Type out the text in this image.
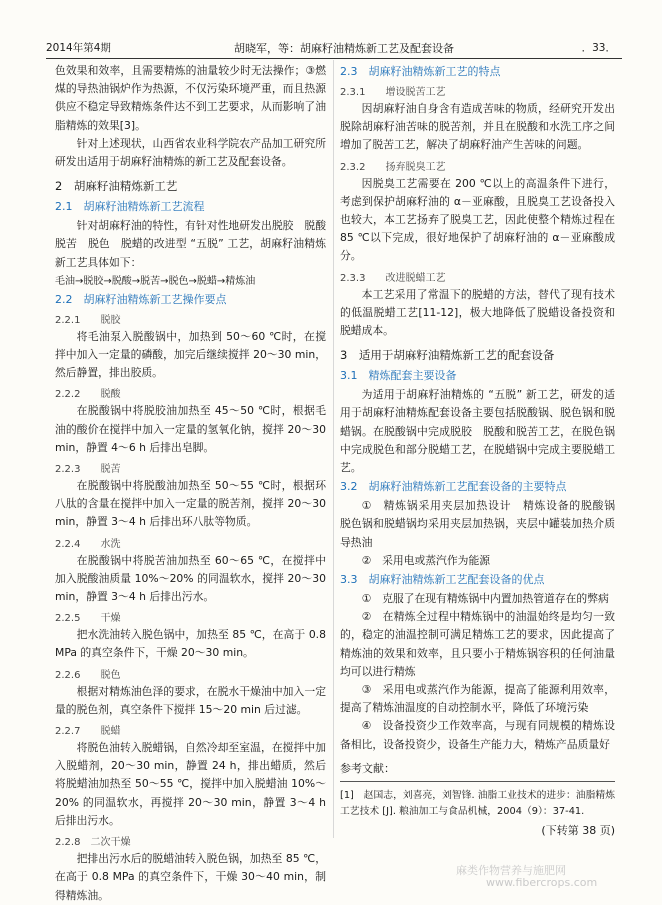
2014年第4期	胡晓军，等：胡麻籽油精炼新工艺及配套设备	．33．
色效果和效率，且需要精炼的油量较少时无法操作；③燃煤的导热油锅炉作为热源，不仅污染环境严重，而且热源供应不稳定导致精炼条件达不到工艺要求，从而影响了油脂精炼的效果[3]。
针对上述现状，山西省农业科学院农产品加工研究所研发出适用于胡麻籽油精炼的新工艺及配套设备。
2　胡麻籽油精炼新工艺
2.1　胡麻籽油精炼新工艺流程
针对胡麻籽油的特性，有针对性地研发出脱胶　脱酸　脱苦　脱色　脱蜡的改进型 “五脱” 工艺，胡麻籽油精炼新工艺具体如下：
毛油→脱胶→脱酸→脱苦→脱色→脱蜡→精炼油
2.2　胡麻籽油精炼新工艺操作要点
2.2.1　　脱胶
将毛油泵入脱酸锅中，加热到 50～60 ℃时，在搅拌中加入一定量的磷酸，加完后继续搅拌 20～30 min，然后静置，排出胶质。
2.2.2　　脱酸
在脱酸锅中将脱胶油加热至 45～50 ℃时，根据毛油的酸价在搅拌中加入一定量的氢氧化钠，搅拌 20～30 min，静置 4～6 h 后排出皂脚。
2.2.3　　脱苦
在脱酸锅中将脱酸油加热至 50～55 ℃时，根据环八肽的含量在搅拌中加入一定量的脱苦剂，搅拌 20～30 min，静置 3～4 h 后排出环八肽等物质。
2.2.4　　水洗
在脱酸锅中将脱苦油加热至 60～65 ℃，在搅拌中加入脱酸油质量 10%～20% 的同温软水，搅拌 20～30 min，静置 3～4 h 后排出污水。
2.2.5　　干燥
把水洗油转入脱色锅中，加热至 85 ℃，在高于 0.8 MPa 的真空条件下，干燥 20～30 min。
2.2.6　　脱色
根据对精炼油色泽的要求，在脱水干燥油中加入一定量的脱色剂，真空条件下搅拌 15～20 min 后过滤。
2.2.7　　脱蜡
将脱色油转入脱蜡锅，自然冷却至室温，在搅拌中加入脱蜡剂，20～30 min，静置 24 h，排出蜡质，然后将脱蜡油加热至 50～55 ℃，搅拌中加入脱蜡油 10%～20% 的同温软水，再搅拌 20～30 min，静置 3～4 h 后排出污水。
2.2.8　二次干燥
把排出污水后的脱蜡油转入脱色锅，加热至 85 ℃，在高于 0.8 MPa 的真空条件下，干燥 30～40 min，制得精炼油。
2.3　胡麻籽油精炼新工艺的特点
2.3.1　　增设脱苦工艺
因胡麻籽油自身含有造成苦味的物质，经研究开发出脱除胡麻籽油苦味的脱苦剂，并且在脱酸和水洗工序之间增加了脱苦工艺，解决了胡麻籽油产生苦味的问题。
2.3.2　　扬弃脱臭工艺
因脱臭工艺需要在 200 ℃以上的高温条件下进行，考虑到保护胡麻籽油的 α－亚麻酸，且脱臭工艺设备投入也较大，本工艺扬弃了脱臭工艺，因此使整个精炼过程在 85 ℃以下完成，很好地保护了胡麻籽油的 α－亚麻酸成分。
2.3.3　　改进脱蜡工艺
本工艺采用了常温下的脱蜡的方法，替代了现有技术的低温脱蜡工艺[11-12]，极大地降低了脱蜡设备投资和脱蜡成本。
3　适用于胡麻籽油精炼新工艺的配套设备
3.1　精炼配套主要设备
为适用于胡麻籽油精炼的 “五脱” 新工艺，研发的适用于胡麻籽油精炼配套设备主要包括脱酸锅、脱色锅和脱蜡锅。在脱酸锅中完成脱胶　脱酸和脱苦工艺，在脱色锅中完成脱色和部分脱蜡工艺，在脱蜡锅中完成主要脱蜡工艺。
3.2　胡麻籽油精炼新工艺配套设备的主要特点
①　精炼锅采用夹层加热设计　精炼设备的脱酸锅　脱色锅和脱蜡锅均采用夹层加热锅，夹层中罐装加热介质导热油
②　采用电或蒸汽作为能源
3.3　胡麻籽油精炼新工艺配套设备的优点
①　克服了在现有精炼锅中内置加热管道存在的弊病
②　在精炼全过程中精炼锅中的油温始终是均匀一致的，稳定的油温控制可满足精炼工艺的要求，因此提高了精炼油的效果和效率，且只要小于精炼锅容积的任何油量均可以进行精炼
③　采用电或蒸汽作为能源，提高了能源利用效率，提高了精炼油温度的自动控制水平，降低了环境污染
④　设备投资少工作效率高，与现有同规模的精炼设备相比，设备投资少，设备生产能力大，精炼产品质量好
参考文献：
[1]　赵国志，刘喜亮，刘智锋. 油脂工业技术的进步：油脂精炼工艺技术 [J]. 粮油加工与食品机械，2004（9）：37-41.
(下转第 38 页)
麻类作物营养与施肥网
www.fibercrops.com
